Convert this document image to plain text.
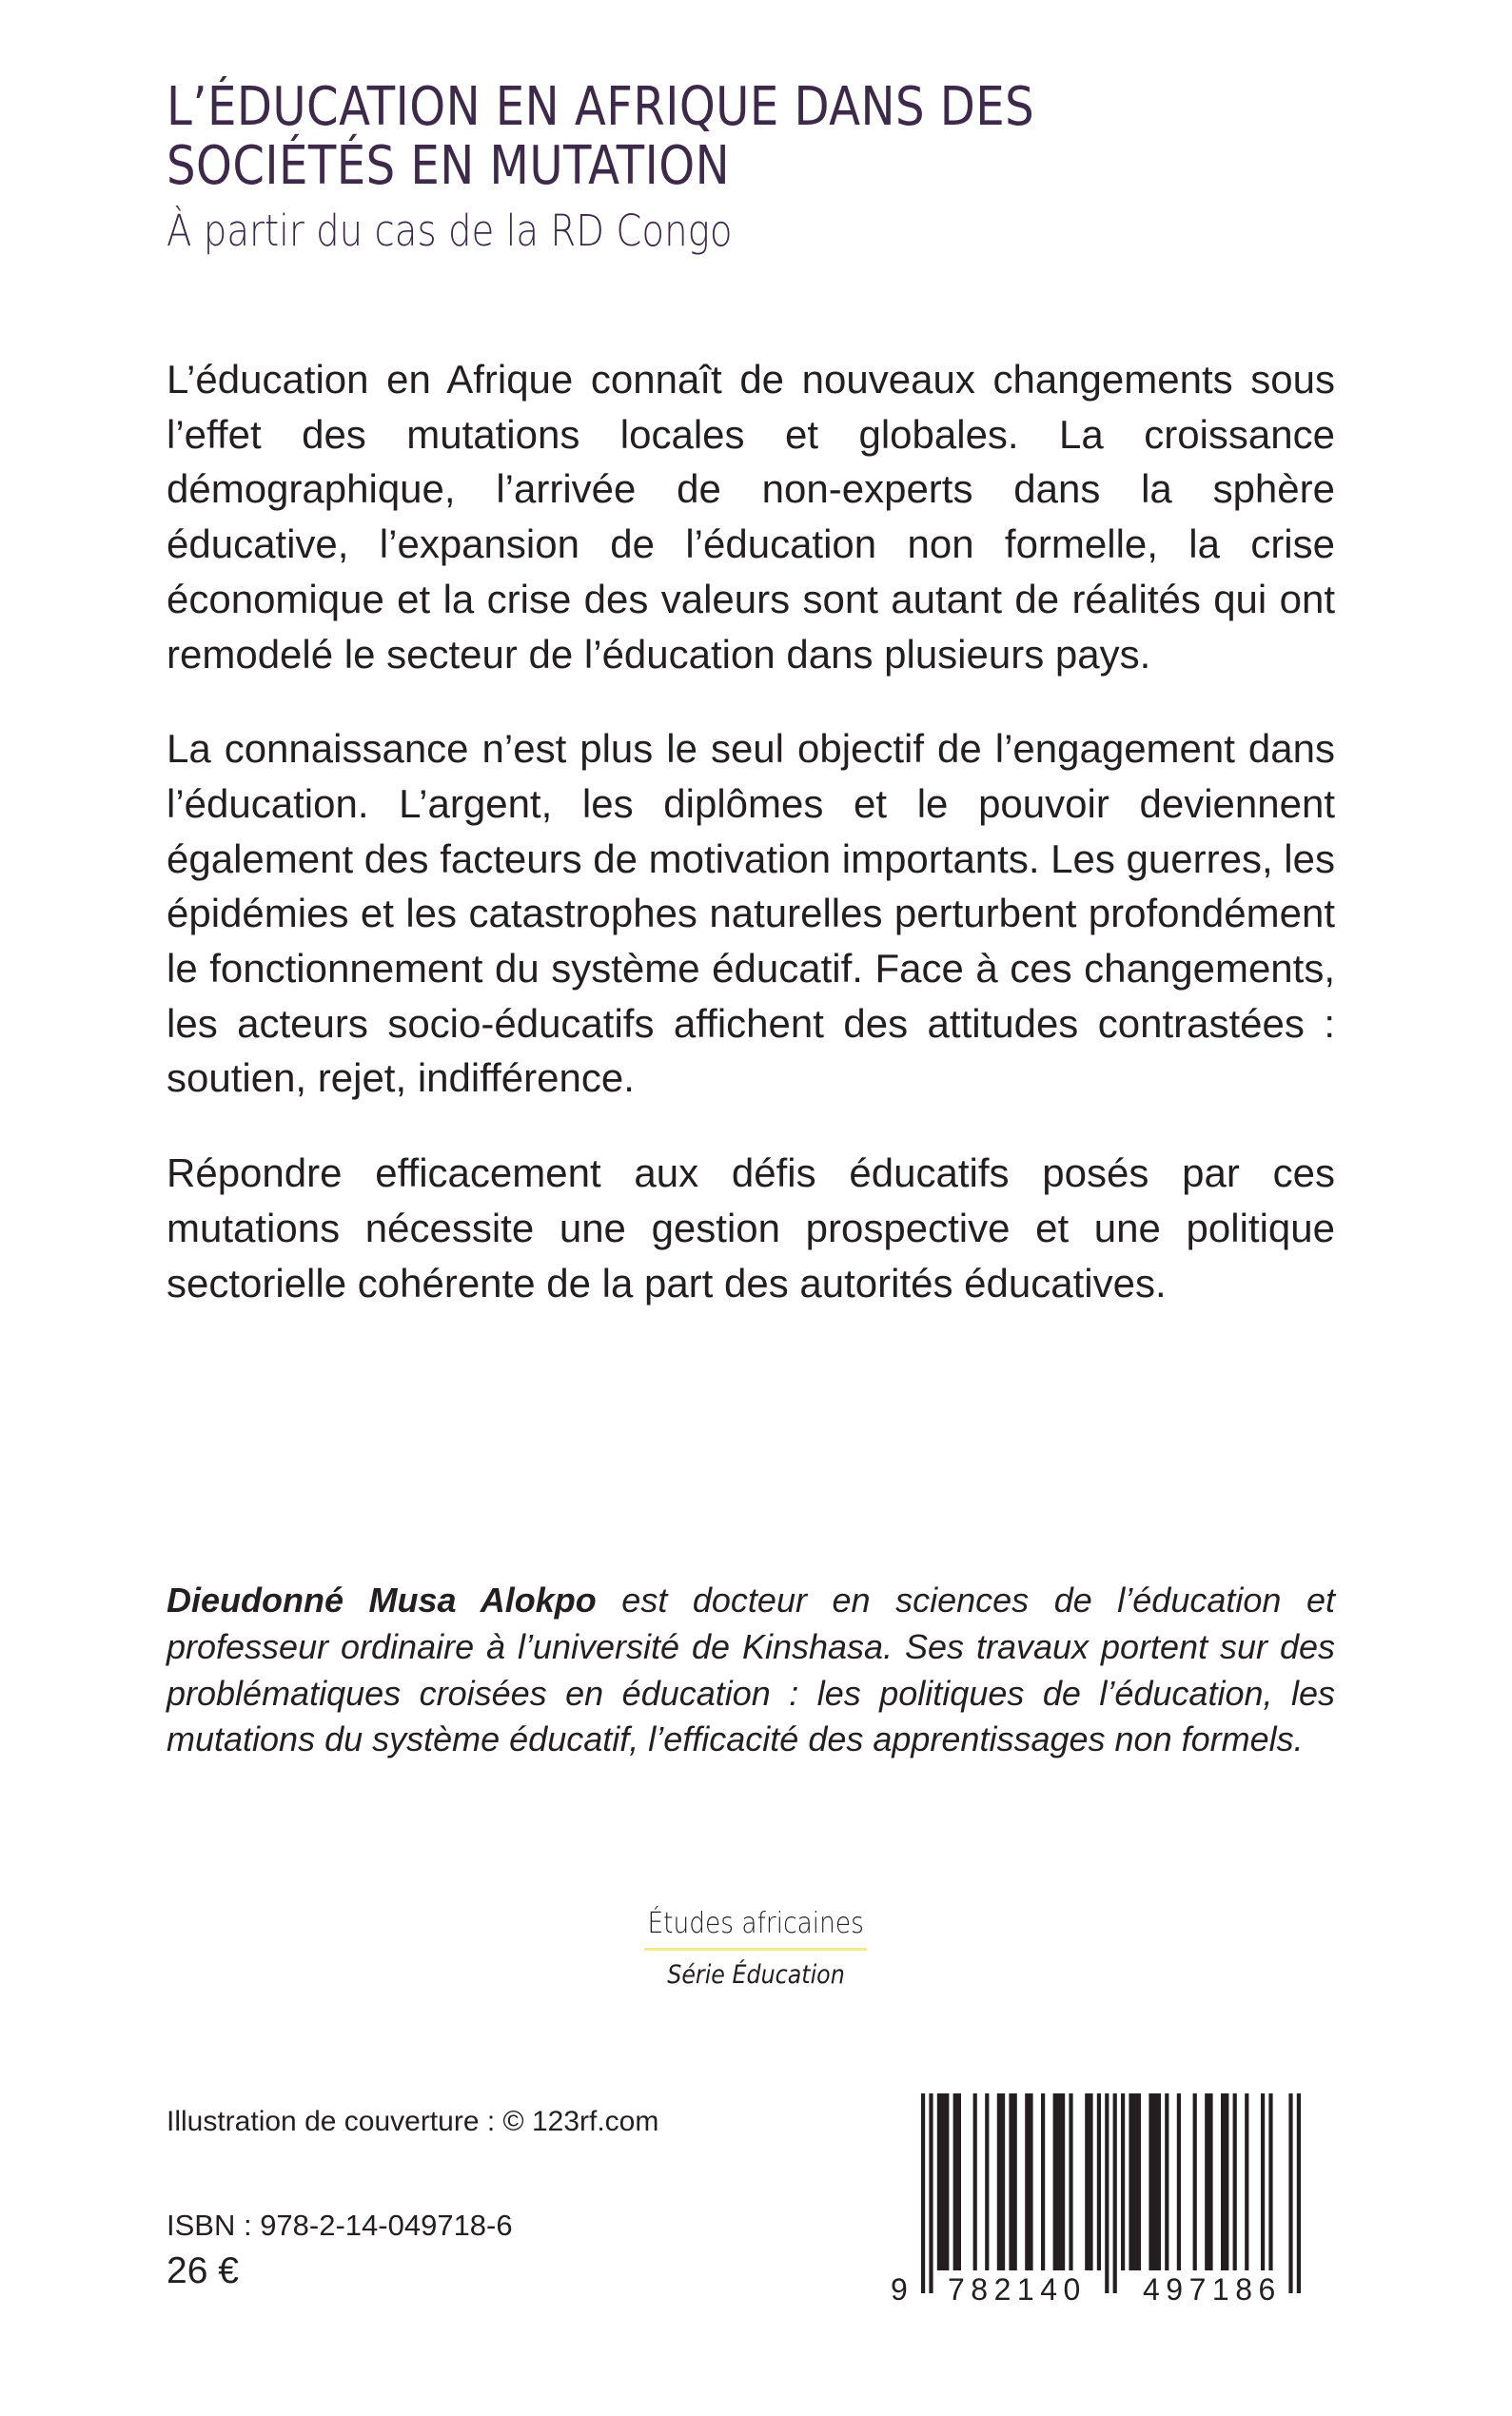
L’ÉDUCATION EN AFRIQUE DANS DES SOCIÉTÉS EN MUTATION
À partir du cas de la RD Congo

L’éducation en Afrique connaît de nouveaux changements sous l’effet des mutations locales et globales. La croissance démographique, l’arrivée de non-experts dans la sphère éducative, l’expansion de l’éducation non formelle, la crise économique et la crise des valeurs sont autant de réalités qui ont remodelé le secteur de l’éducation dans plusieurs pays.

La connaissance n’est plus le seul objectif de l’engagement dans l’éducation. L’argent, les diplômes et le pouvoir deviennent également des facteurs de motivation importants. Les guerres, les épidémies et les catastrophes naturelles perturbent profondément le fonctionnement du système éducatif. Face à ces changements, les acteurs socio-éducatifs affichent des attitudes contrastées : soutien, rejet, indifférence.

Répondre efficacement aux défis éducatifs posés par ces mutations nécessite une gestion prospective et une politique sectorielle cohérente de la part des autorités éducatives.

Dieudonné Musa Alokpo est docteur en sciences de l’éducation et professeur ordinaire à l’université de Kinshasa. Ses travaux portent sur des problématiques croisées en éducation : les politiques de l’éducation, les mutations du système éducatif, l’efficacité des apprentissages non formels.

Études africaines
Série Éducation

Illustration de couverture : © 123rf.com

ISBN : 978-2-14-049718-6

26 €	9 782140 497186
